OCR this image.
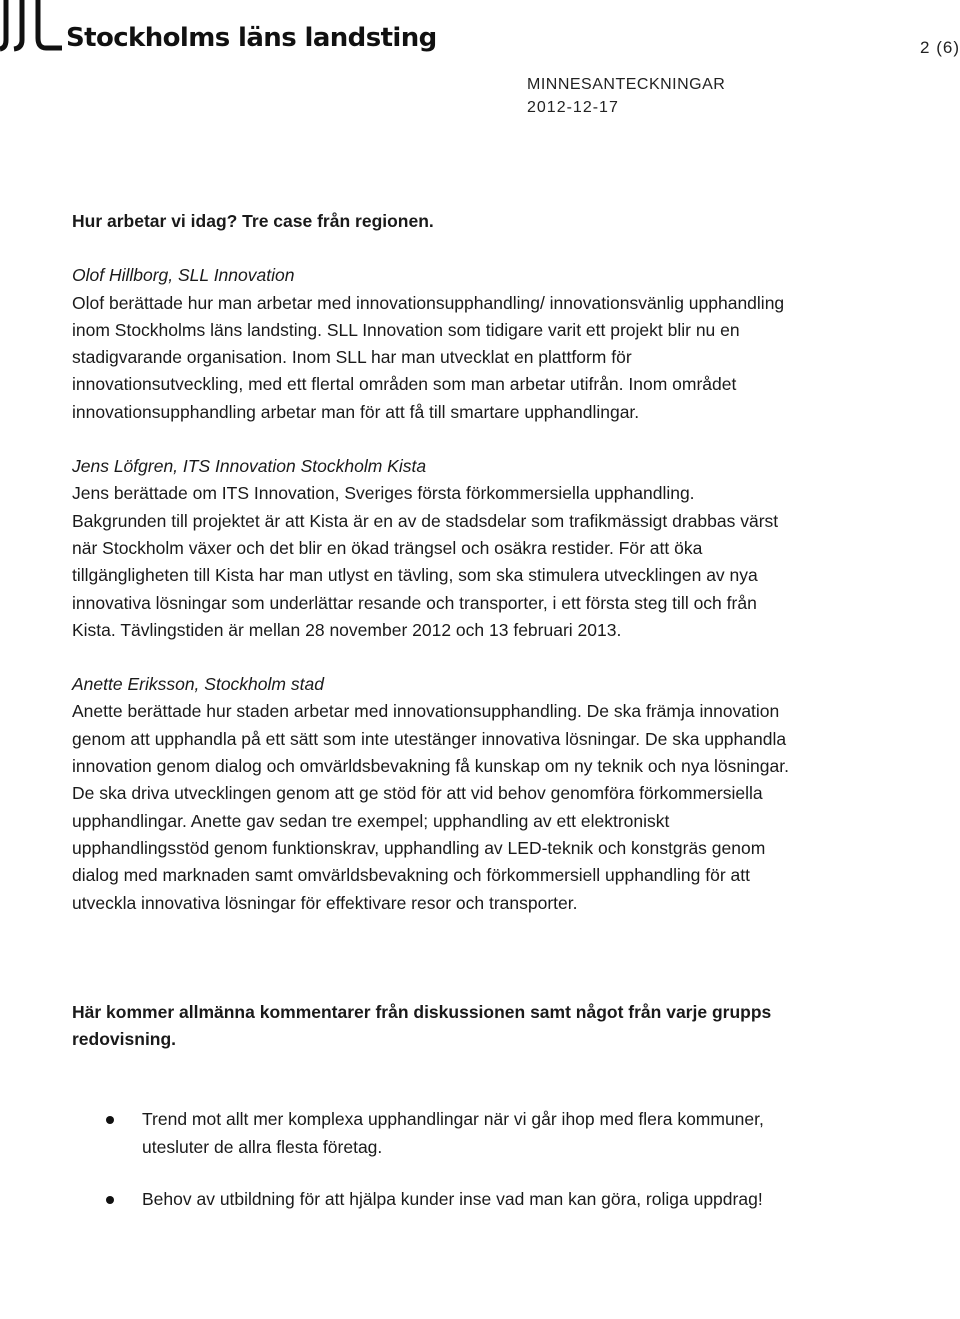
Stockholms läns landsting	2 (6)
MINNESANTECKNINGAR
2012-12-17

Hur arbetar vi idag? Tre case från regionen.

Olof Hillborg, SLL Innovation
Olof berättade hur man arbetar med innovationsupphandling/ innovationsvänlig upphandling inom Stockholms läns landsting. SLL Innovation som tidigare varit ett projekt blir nu en stadigvarande organisation. Inom SLL har man utvecklat en plattform för innovationsutveckling, med ett flertal områden som man arbetar utifrån. Inom området innovationsupphandling arbetar man för att få till smartare upphandlingar.
Jens Löfgren, ITS Innovation Stockholm Kista
Jens berättade om ITS Innovation, Sveriges första förkommersiella upphandling. Bakgrunden till projektet är att Kista är en av de stadsdelar som trafikmässigt drabbas värst när Stockholm växer och det blir en ökad trängsel och osäkra restider. För att öka tillgängligheten till Kista har man utlyst en tävling, som ska stimulera utvecklingen av nya innovativa lösningar som underlättar resande och transporter, i ett första steg till och från Kista. Tävlingstiden är mellan 28 november 2012 och 13 februari 2013.
Anette Eriksson, Stockholm stad
Anette berättade hur staden arbetar med innovationsupphandling. De ska främja innovation genom att upphandla på ett sätt som inte utestänger innovativa lösningar. De ska upphandla innovation genom dialog och omvärldsbevakning få kunskap om ny teknik och nya lösningar. De ska driva utvecklingen genom att ge stöd för att vid behov genomföra förkommersiella upphandlingar. Anette gav sedan tre exempel; upphandling av ett elektroniskt upphandlingsstöd genom funktionskrav, upphandling av LED-teknik och konstgräs genom dialog med marknaden samt omvärldsbevakning och förkommersiell upphandling för att utveckla innovativa lösningar för effektivare resor och transporter.

Här kommer allmänna kommentarer från diskussionen samt något från varje grupps redovisning.

Trend mot allt mer komplexa upphandlingar när vi går ihop med flera kommuner, utesluter de allra flesta företag.
Behov av utbildning för att hjälpa kunder inse vad man kan göra, roliga uppdrag!
